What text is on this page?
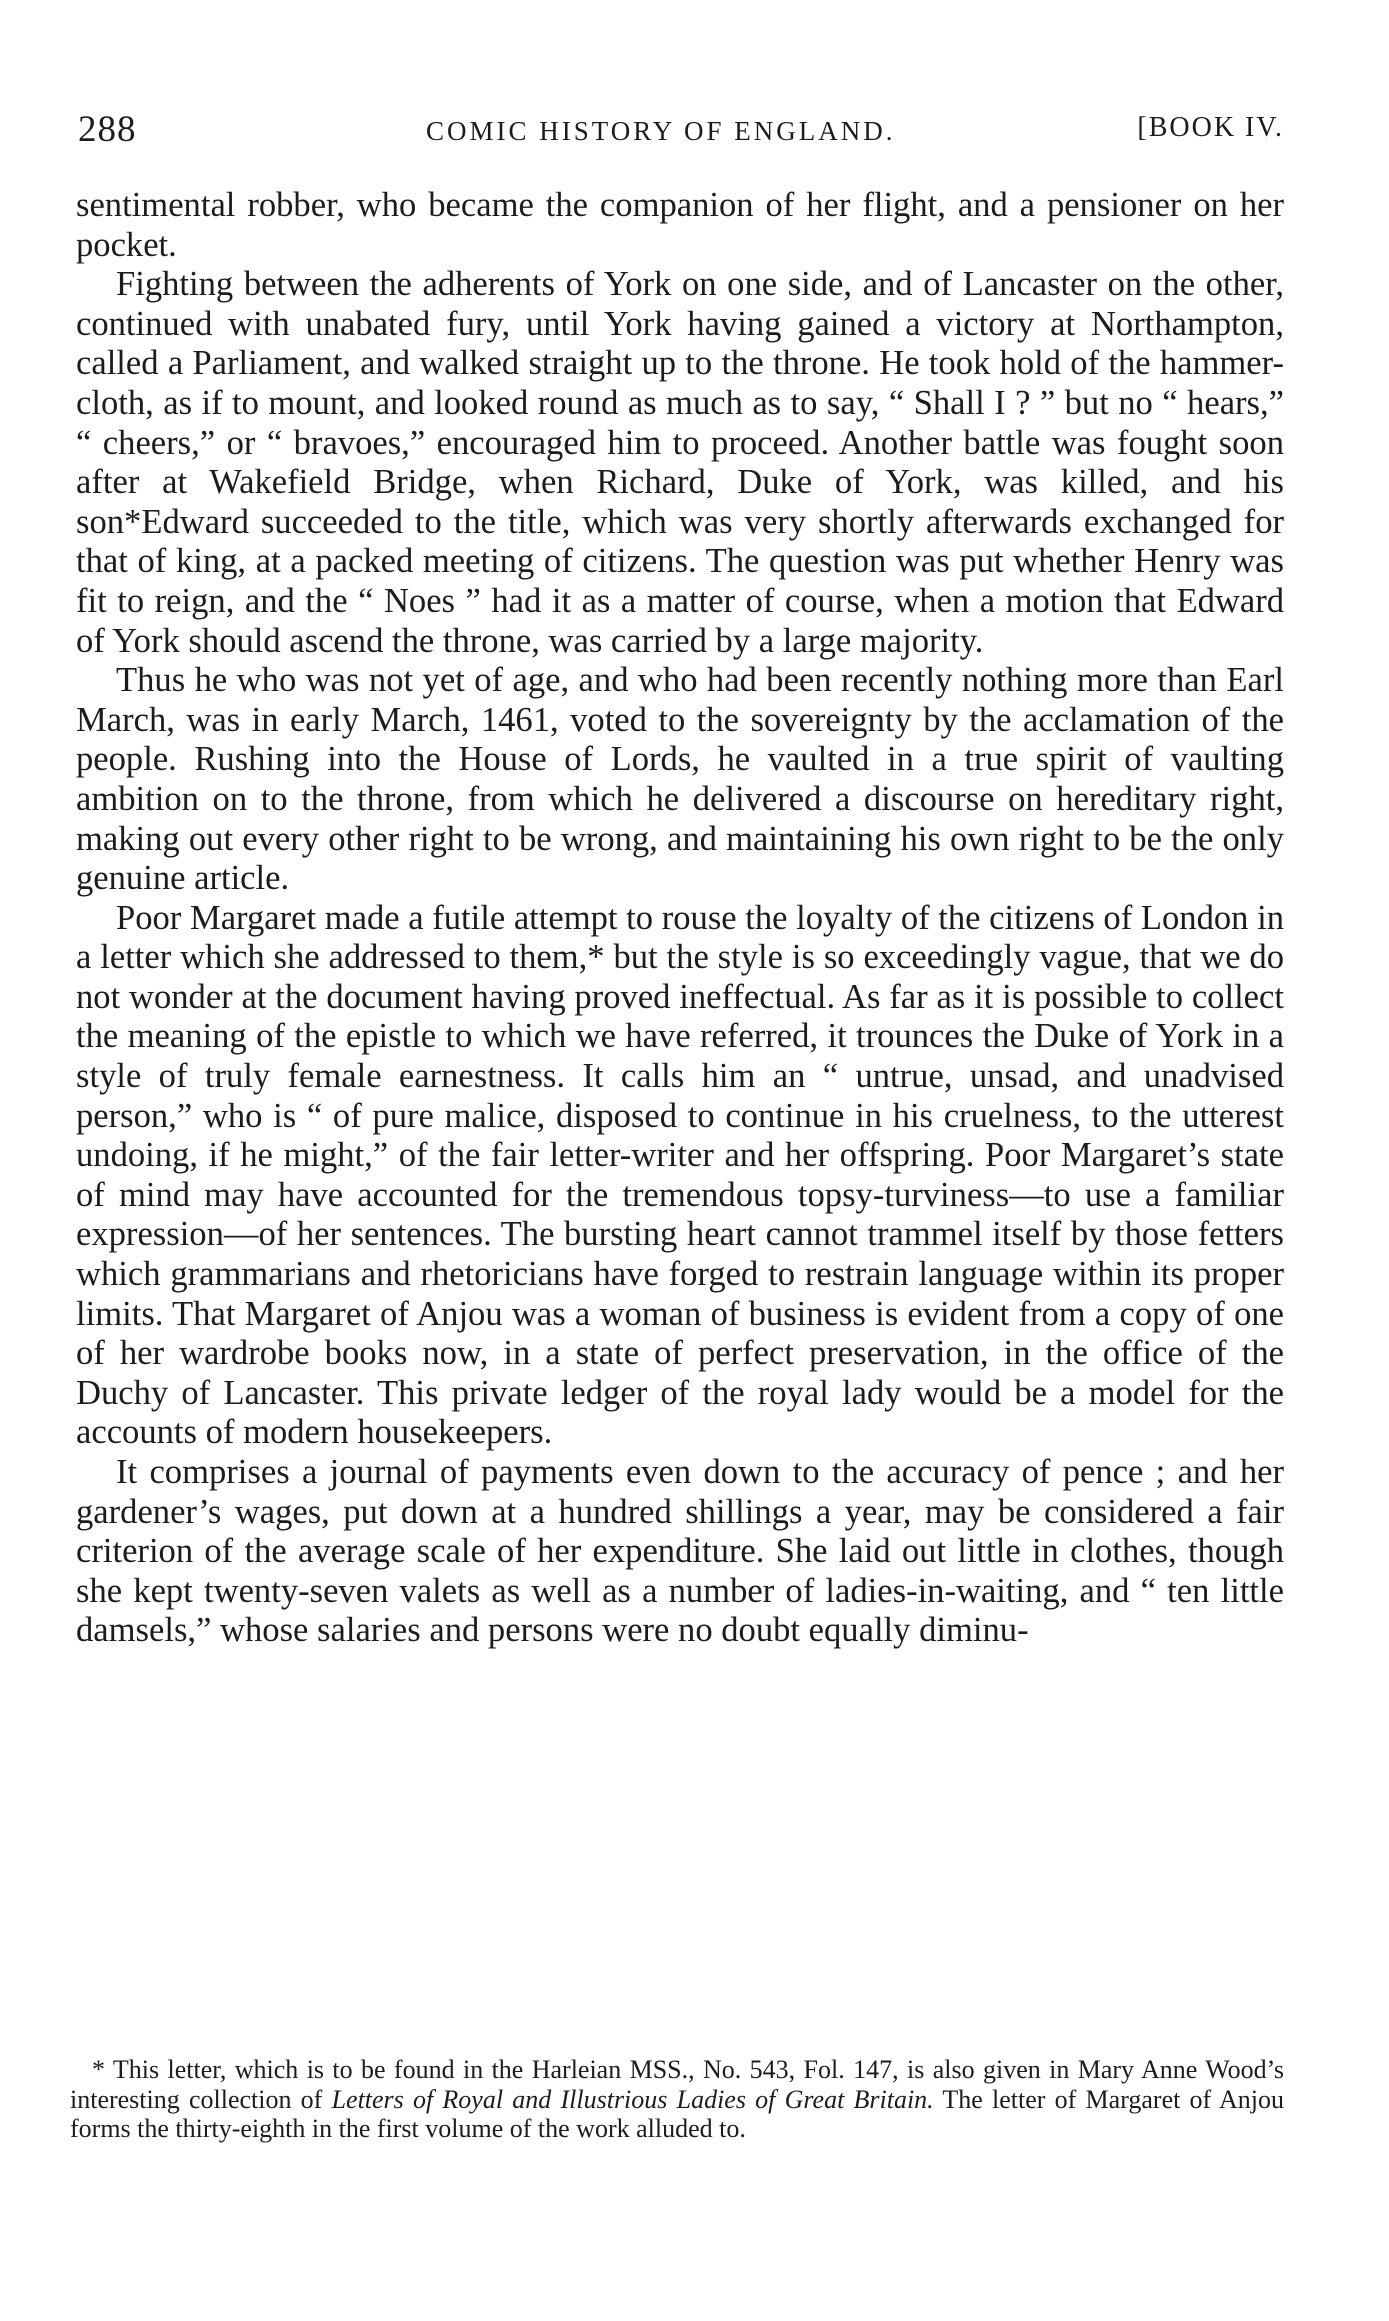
288	COMIC HISTORY OF ENGLAND.	[BOOK IV.

sentimental robber, who became the companion of her flight, and a pensioner on her pocket.

Fighting between the adherents of York on one side, and of Lancaster on the other, continued with unabated fury, until York having gained a victory at Northampton, called a Parliament, and walked straight up to the throne. He took hold of the hammer-cloth, as if to mount, and looked round as much as to say, “ Shall I ? ” but no “ hears,” “ cheers,” or “ bravoes,” encouraged him to proceed. Another battle was fought soon after at Wakefield Bridge, when Richard, Duke of York, was killed, and his son*Edward succeeded to the title, which was very shortly afterwards exchanged for that of king, at a packed meeting of citizens. The question was put whether Henry was fit to reign, and the “ Noes ” had it as a matter of course, when a motion that Edward of York should ascend the throne, was carried by a large majority.

Thus he who was not yet of age, and who had been recently nothing more than Earl March, was in early March, 1461, voted to the sovereignty by the acclamation of the people. Rushing into the House of Lords, he vaulted in a true spirit of vaulting ambition on to the throne, from which he delivered a discourse on hereditary right, making out every other right to be wrong, and maintaining his own right to be the only genuine article.

Poor Margaret made a futile attempt to rouse the loyalty of the citizens of London in a letter which she addressed to them,* but the style is so exceedingly vague, that we do not wonder at the document having proved ineffectual. As far as it is possible to collect the meaning of the epistle to which we have referred, it trounces the Duke of York in a style of truly female earnestness. It calls him an “ untrue, unsad, and unadvised person,” who is “ of pure malice, disposed to continue in his cruelness, to the utterest undoing, if he might,” of the fair letter-writer and her offspring. Poor Margaret’s state of mind may have accounted for the tremendous topsy-turviness—to use a familiar expression—of her sentences. The bursting heart cannot trammel itself by those fetters which grammarians and rhetoricians have forged to restrain language within its proper limits. That Margaret of Anjou was a woman of business is evident from a copy of one of her wardrobe books now, in a state of perfect preservation, in the office of the Duchy of Lancaster. This private ledger of the royal lady would be a model for the accounts of modern housekeepers.

It comprises a journal of payments even down to the accuracy of pence ; and her gardener’s wages, put down at a hundred shillings a year, may be considered a fair criterion of the average scale of her expenditure. She laid out little in clothes, though she kept twenty-seven valets as well as a number of ladies-in-waiting, and “ ten little damsels,” whose salaries and persons were no doubt equally diminu-

* This letter, which is to be found in the Harleian MSS., No. 543, Fol. 147, is also given in Mary Anne Wood’s interesting collection of Letters of Royal and Illustrious Ladies of Great Britain. The letter of Margaret of Anjou forms the thirty-eighth in the first volume of the work alluded to.
